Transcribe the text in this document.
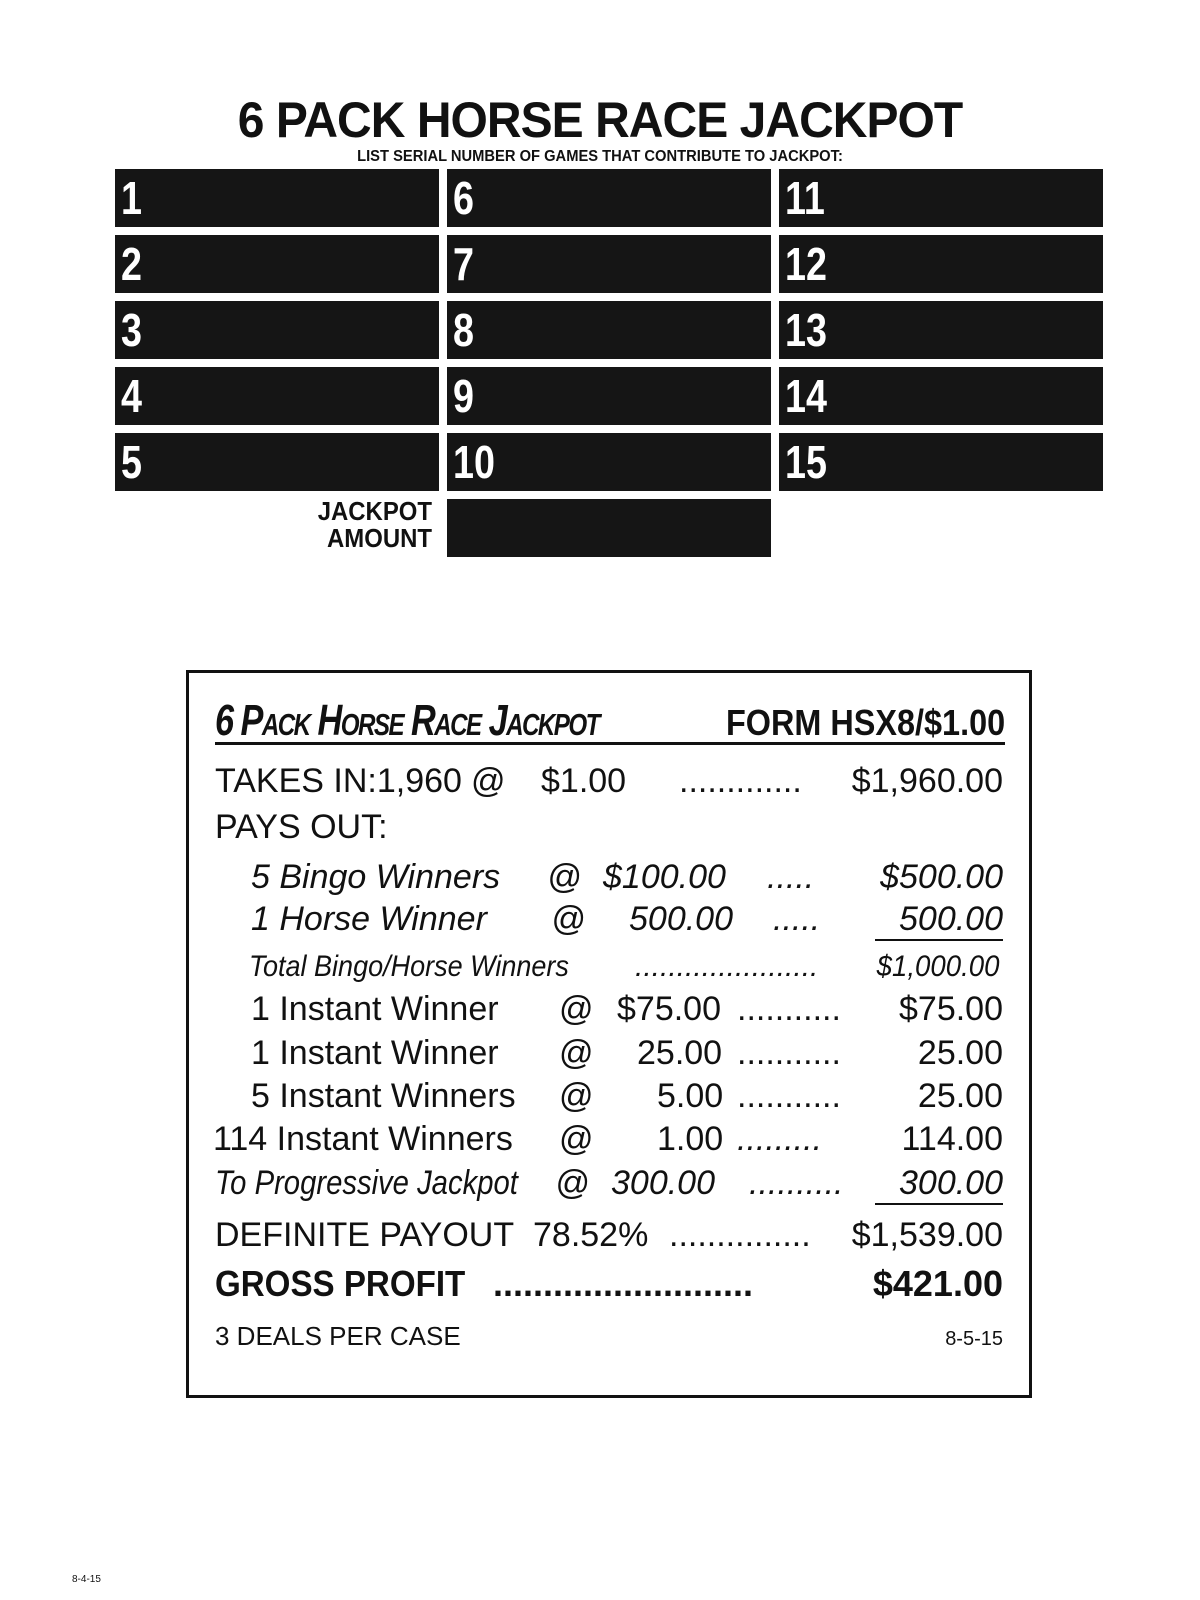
6 PACK HORSE RACE JACKPOT
LIST SERIAL NUMBER OF GAMES THAT CONTRIBUTE TO JACKPOT:
1	6	11
2	7	12
3	8	13
4	9	14
5	10	15
JACKPOT
AMOUNT
6 Pack Horse Race Jackpot	FORM HSX8/$1.00
TAKES IN:1,960 @ $1.00 ............. $1,960.00
PAYS OUT:
5 Bingo Winners @ $100.00 ..... $500.00
1 Horse Winner @ 500.00 .....	500.00
Total Bingo/Horse Winners ...................... $1,000.00
1 Instant Winner @ $75.00 ........... $75.00
1 Instant Winner @ 25.00 ........... 25.00
5 Instant Winners @ 5.00 ........... 25.00
114 Instant Winners @ 1.00 ......... 114.00
To Progressive Jackpot @ 300.00 ..........	300.00
DEFINITE PAYOUT 78.52% ............... $1,539.00
GROSS PROFIT ..........................	$421.00
3 DEALS PER CASE	8-5-15
8-4-15
